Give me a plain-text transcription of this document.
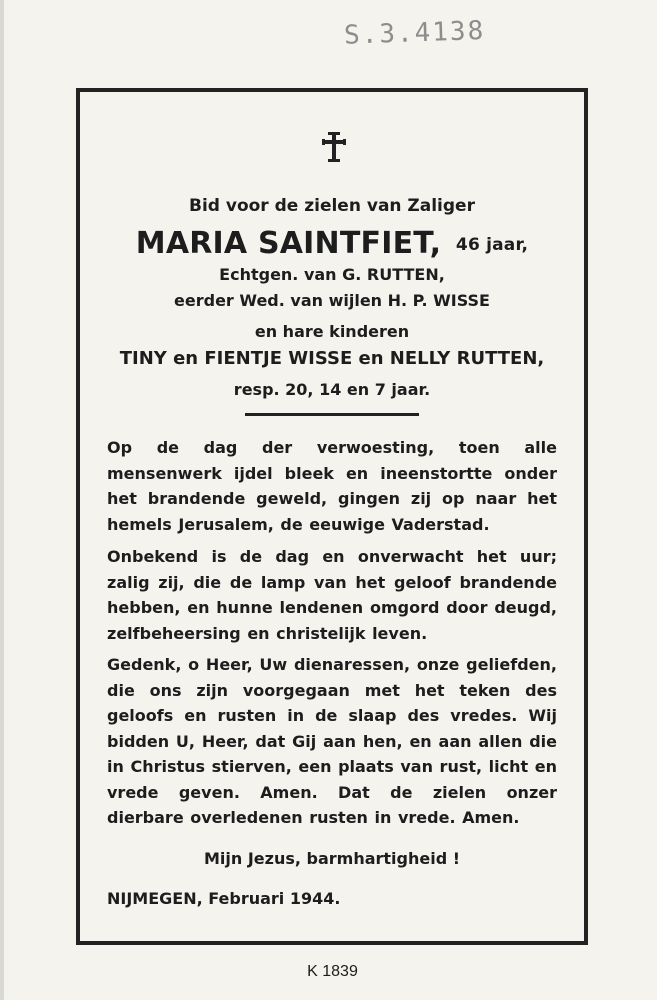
S.3.4138
Bid voor de zielen van Zaliger
MARIA SAINTFIET, 46 jaar,
Echtgen. van G. RUTTEN,
eerder Wed. van wijlen H. P. WISSE
en hare kinderen
TINY en FIENTJE WISSE en NELLY RUTTEN,
resp. 20, 14 en 7 jaar.
Op de dag der verwoesting, toen alle mensenwerk ijdel bleek en ineenstortte onder het brandende geweld, gingen zij op naar het hemels Jerusalem, de eeuwige Vaderstad.
Onbekend is de dag en onverwacht het uur; zalig zij, die de lamp van het geloof brandende hebben, en hunne lendenen omgord door deugd, zelfbeheersing en christelijk leven.
Gedenk, o Heer, Uw dienaressen, onze geliefden, die ons zijn voorgegaan met het teken des geloofs en rusten in de slaap des vredes. Wij bidden U, Heer, dat Gij aan hen, en aan allen die in Christus stierven, een plaats van rust, licht en vrede geven. Amen. Dat de zielen onzer dierbare overledenen rusten in vrede. Amen.
Mijn Jezus, barmhartigheid !
NIJMEGEN, Februari 1944.
K 1839
